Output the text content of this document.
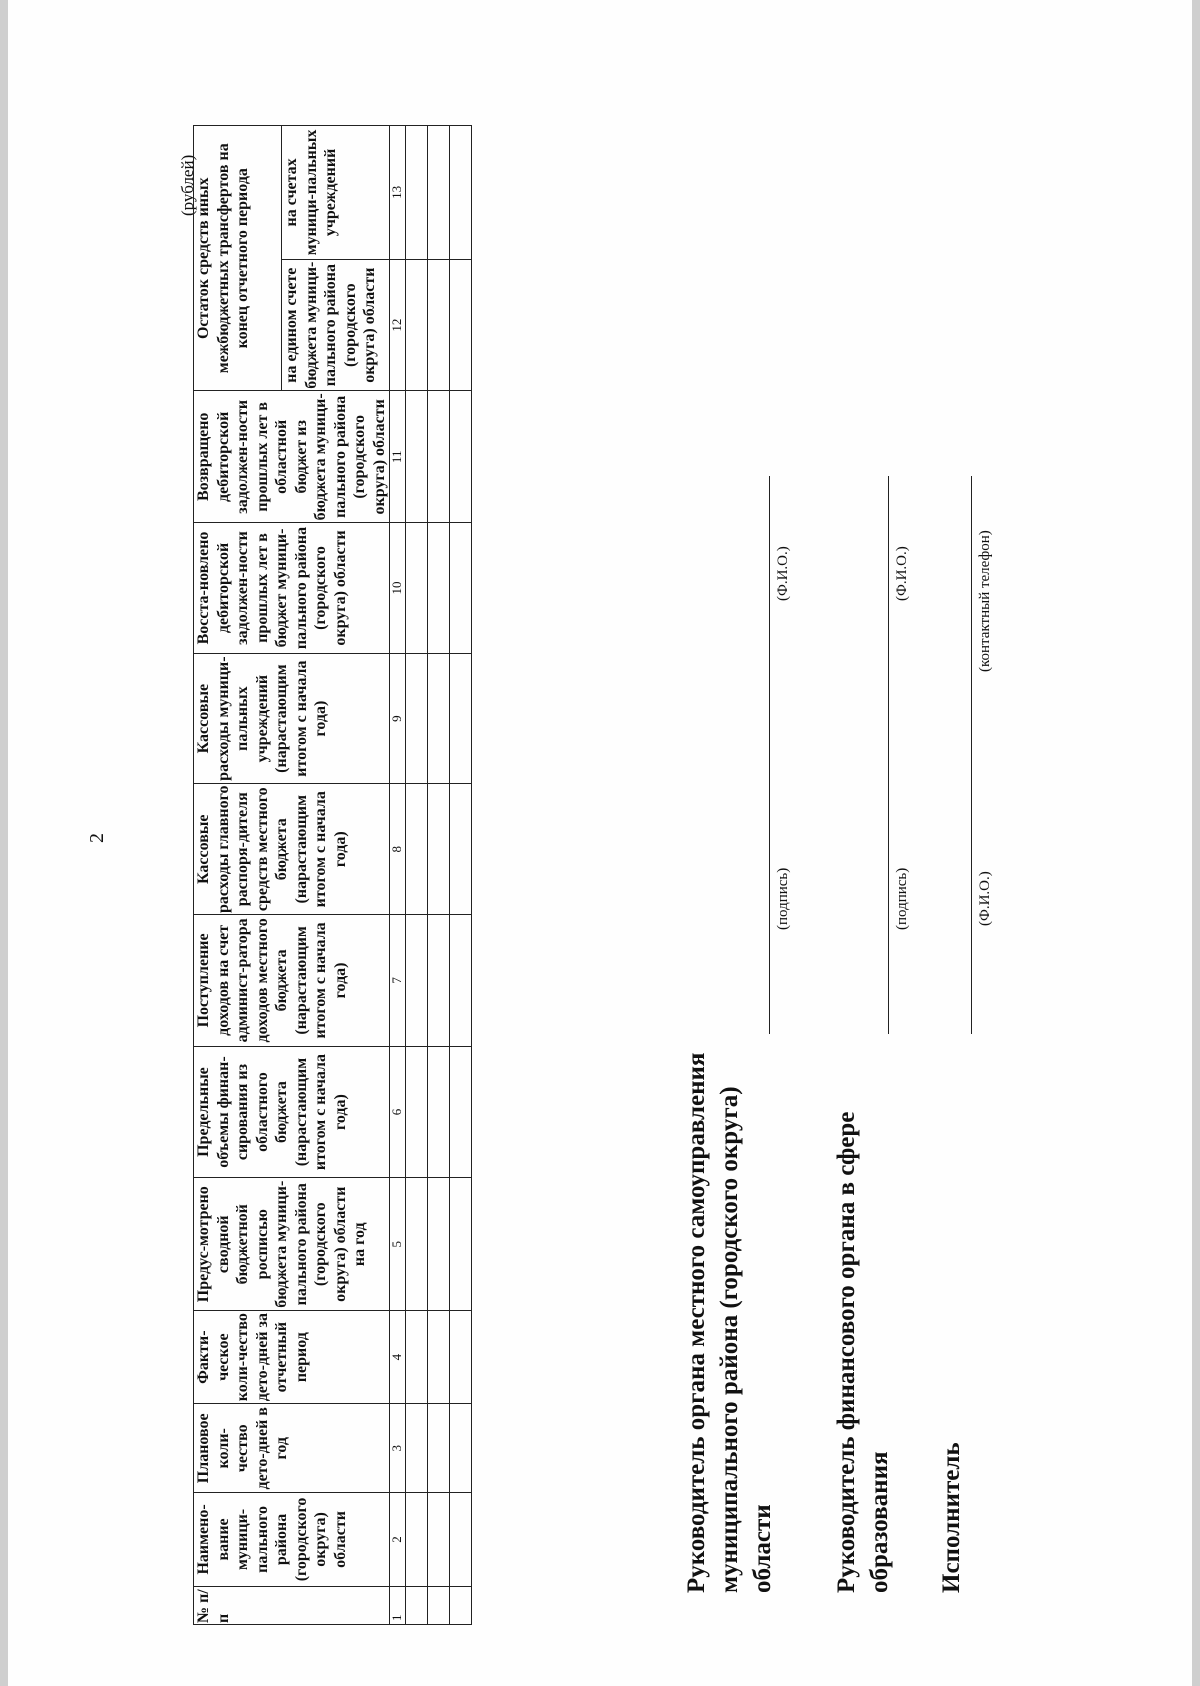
2
(рублей)
№ п/п	Наимено-вание муници-пального района (городского округа) области	Плановое коли-чество дето-дней в год	Факти-ческое коли-чество дето-дней за отчетный период	Предус-мотрено сводной бюджетной росписью бюджета муници-пального района (городского округа) области на год	Предельные объемы финан-сирования из областного бюджета (нарастающим итогом с начала года)	Поступление доходов на счет админист-ратора доходов местного бюджета (нарастающим итогом с начала года)	Кассовые расходы главного распоря-дителя средств местного бюджета (нарастающим итогом с начала года)	Кассовые расходы муници-пальных учреждений (нарастающим итогом с начала года)	Восста-новлено дебиторской задолжен-ности прошлых лет в бюджет муници-пального района (городского округа) области	Возвращено дебиторской задолжен-ности прошлых лет в областной бюджет из бюджета муници-пального района (городского округа) области	Остаток средств иных межбюджетных трансфертов на конец отчетного периода	
											на едином счете бюджета муници-пального района (городского округа) области	на счетах муници-пальных учреждений
1	2	3	4	5	6	7	8	9	10	11	12	13

Руководитель органа местного самоуправления муниципального района (городского округа) области
(подпись)
(Ф.И.О.)
Руководитель финансового органа в сфере образования
(подпись)
(Ф.И.О.)
Исполнитель
(Ф.И.О.)
(контактный телефон)
